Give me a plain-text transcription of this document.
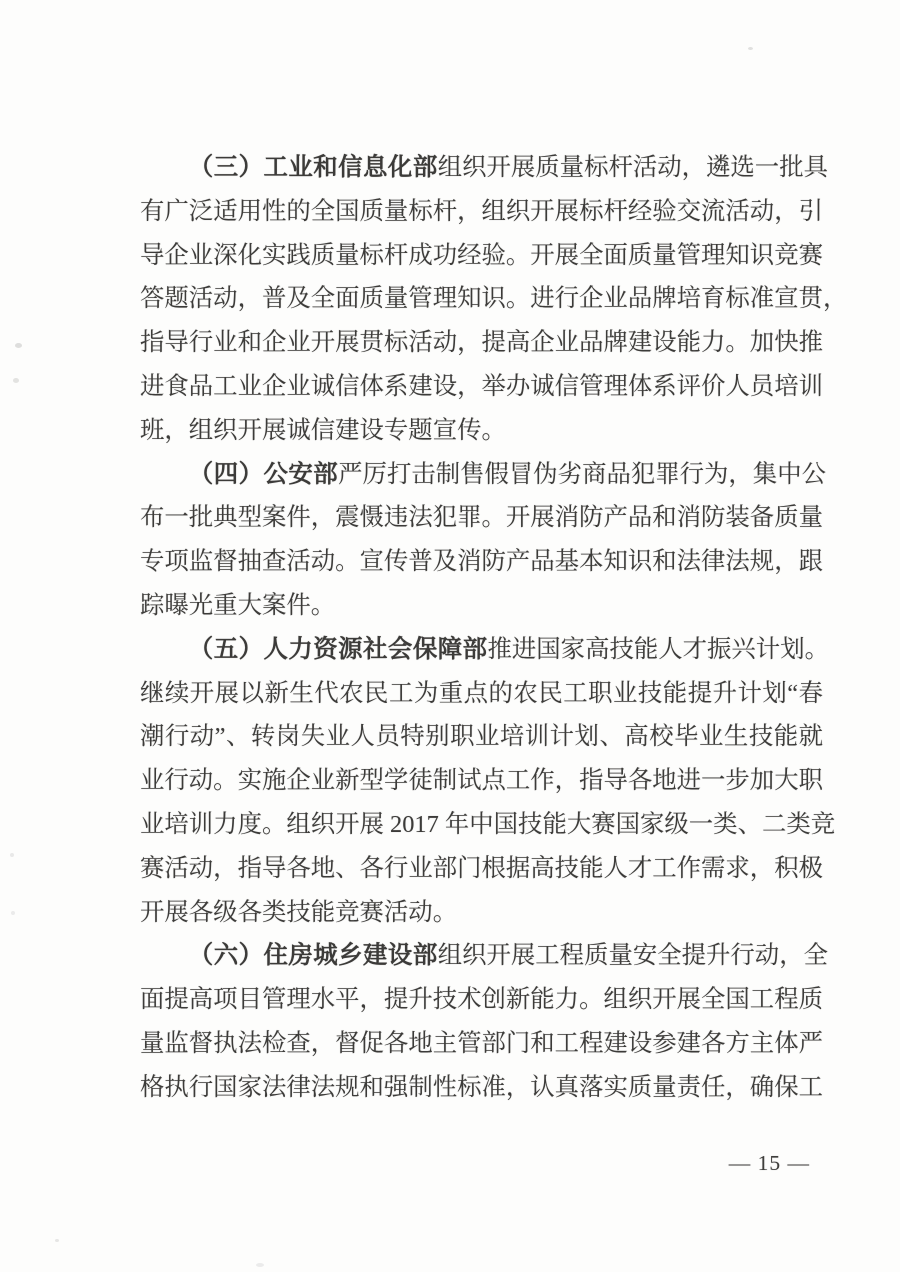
（三）工业和信息化部组织开展质量标杆活动，遴选一批具
有广泛适用性的全国质量标杆，组织开展标杆经验交流活动，引
导企业深化实践质量标杆成功经验。开展全面质量管理知识竞赛
答题活动，普及全面质量管理知识。进行企业品牌培育标准宣贯，
指导行业和企业开展贯标活动，提高企业品牌建设能力。加快推
进食品工业企业诚信体系建设，举办诚信管理体系评价人员培训
班，组织开展诚信建设专题宣传。
（四）公安部严厉打击制售假冒伪劣商品犯罪行为，集中公
布一批典型案件，震慑违法犯罪。开展消防产品和消防装备质量
专项监督抽查活动。宣传普及消防产品基本知识和法律法规，跟
踪曝光重大案件。
（五）人力资源社会保障部推进国家高技能人才振兴计划。
继续开展以新生代农民工为重点的农民工职业技能提升计划“春
潮行动”、转岗失业人员特别职业培训计划、高校毕业生技能就
业行动。实施企业新型学徒制试点工作，指导各地进一步加大职
业培训力度。组织开展 2017 年中国技能大赛国家级一类、二类竞
赛活动，指导各地、各行业部门根据高技能人才工作需求，积极
开展各级各类技能竞赛活动。
（六）住房城乡建设部组织开展工程质量安全提升行动，全
面提高项目管理水平，提升技术创新能力。组织开展全国工程质
量监督执法检查，督促各地主管部门和工程建设参建各方主体严
格执行国家法律法规和强制性标准，认真落实质量责任，确保工
— 15 —
